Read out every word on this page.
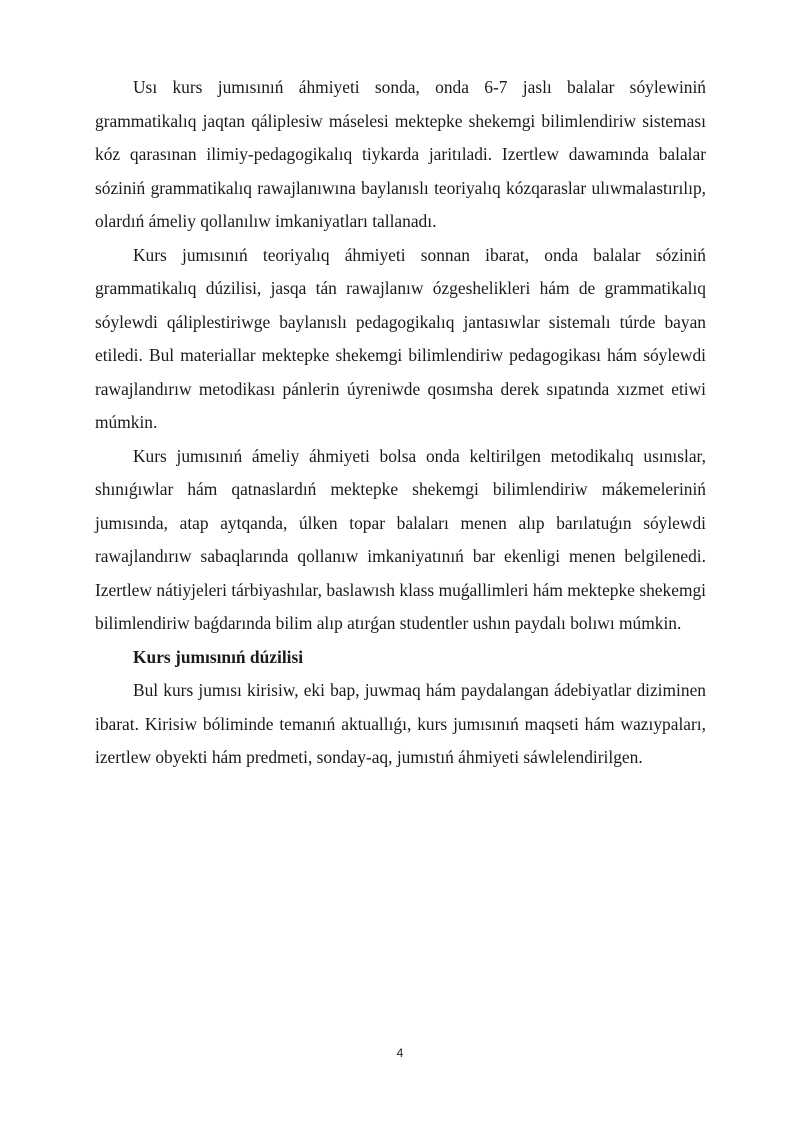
Usı kurs jumısınıń áhmiyeti sonda, onda 6-7 jaslı balalar sóylewiniń grammatikalıq jaqtan qáliplesiw máselesi mektepke shekemgi bilimlendiriw sisteması kóz qarasınan ilimiy-pedagogikalıq tiykarda jaritıladi. Izertlew dawamında balalar sóziniń grammatikalıq rawajlanıwına baylanıslı teoriyalıq kózqaraslar ulıwmalastırılıp, olardıń ámeliy qollanılıw imkaniyatları tallanadı.

Kurs jumısınıń teoriyalıq áhmiyeti sonnan ibarat, onda balalar sóziniń grammatikalıq dúzilisi, jasqa tán rawajlanıw ózgeshelikleri hám de grammatikalıq sóylewdi qáliplestiriwge baylanıslı pedagogikalıq jantasıwlar sistemalı túrde bayan etiledi. Bul materiallar mektepke shekemgi bilimlendiriw pedagogikası hám sóylewdi rawajlandırıw metodikası pánlerin úyreniwde qosımsha derek sıpatında xızmet etiwi múmkin.

Kurs jumısınıń ámeliy áhmiyeti bolsa onda keltirilgen metodikalıq usınıslar, shınıǵıwlar hám qatnaslardıń mektepke shekemgi bilimlendiriw mákemeleriniń jumısında, atap aytqanda, úlken topar balaları menen alıp barılatuǵın sóylewdi rawajlandırıw sabaqlarında qollanıw imkaniyatınıń bar ekenligi menen belgilenedi. Izertlew nátiyjeleri tárbiyashılar, baslawısh klass muǵallimleri hám mektepke shekemgi bilimlendiriw baǵdarında bilim alıp atırǵan studentler ushın paydalı bolıwı múmkin.

Kurs jumısınıń dúzilisi

Bul kurs jumısı kirisiw, eki bap, juwmaq hám paydalangan ádebiyatlar diziminen ibarat. Kirisiw bóliminde temanıń aktuallıǵı, kurs jumısınıń maqseti hám wazıypaları, izertlew obyekti hám predmeti, sonday-aq, jumıstıń áhmiyeti sáwlelendirilgen.

4
